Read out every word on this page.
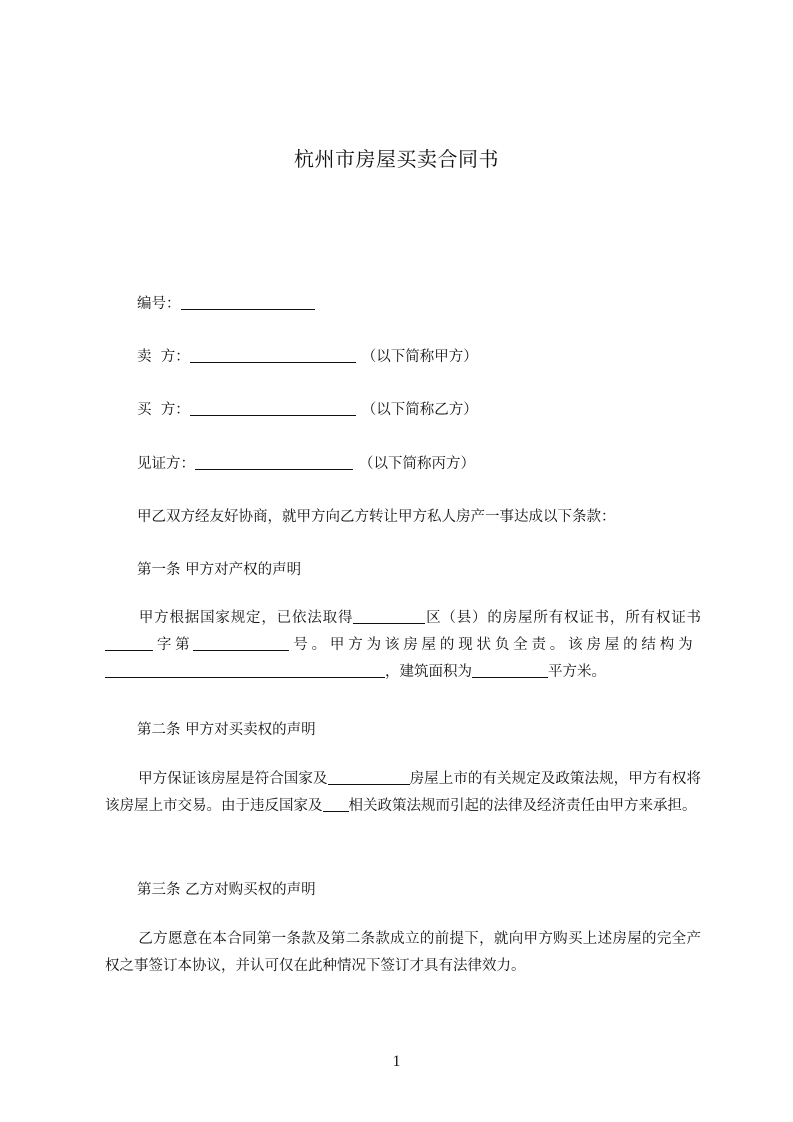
杭州市房屋买卖合同书
编号：
卖  方：	（以下简称甲方）
买  方：	（以下简称乙方）
见证方：	（以下简称丙方）
甲乙双方经友好协商，就甲方向乙方转让甲方私人房产一事达成以下条款：
第一条 甲方对产权的声明
甲方根据国家规定，已依法取得	区（县）的房屋所有权证书，所有权证书字第	号。甲方为该房屋的现状负全责。该房屋的结构为 ，建筑面积为	平方米。
第二条 甲方对买卖权的声明
甲方保证该房屋是符合国家及	房屋上市的有关规定及政策法规，甲方有权将该房屋上市交易。由于违反国家及 相关政策法规而引起的法律及经济责任由甲方来承担。
第三条 乙方对购买权的声明
乙方愿意在本合同第一条款及第二条款成立的前提下，就向甲方购买上述房屋的完全产权之事签订本协议，并认可仅在此种情况下签订才具有法律效力。
1
